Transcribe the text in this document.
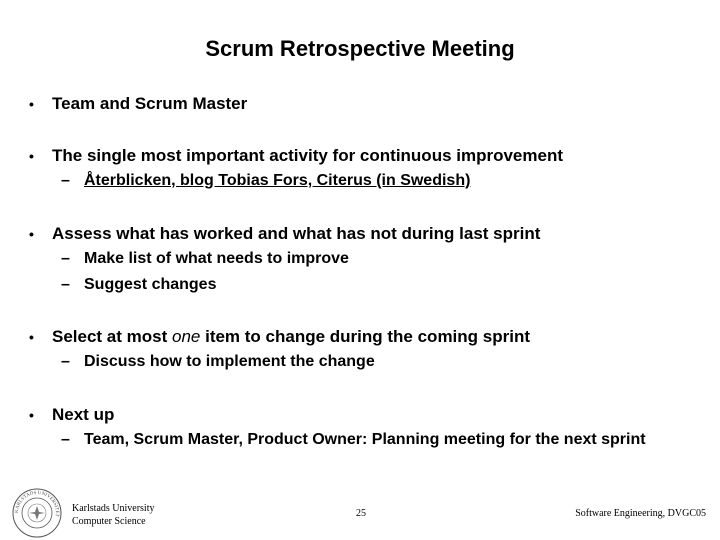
Scrum Retrospective Meeting
• Team and Scrum Master
• The single most important activity for continuous improvement
– Återblicken, blog Tobias Fors, Citerus (in Swedish)
• Assess what has worked and what has not during last sprint
– Make list of what needs to improve
– Suggest changes
• Select at most one item to change during the coming sprint
– Discuss how to implement the change
• Next up
– Team, Scrum Master, Product Owner: Planning meeting for the next sprint
KARLSTADS UNIVERSITET
Karlstads University
Computer Science
25	Software Engineering, DVGC05
